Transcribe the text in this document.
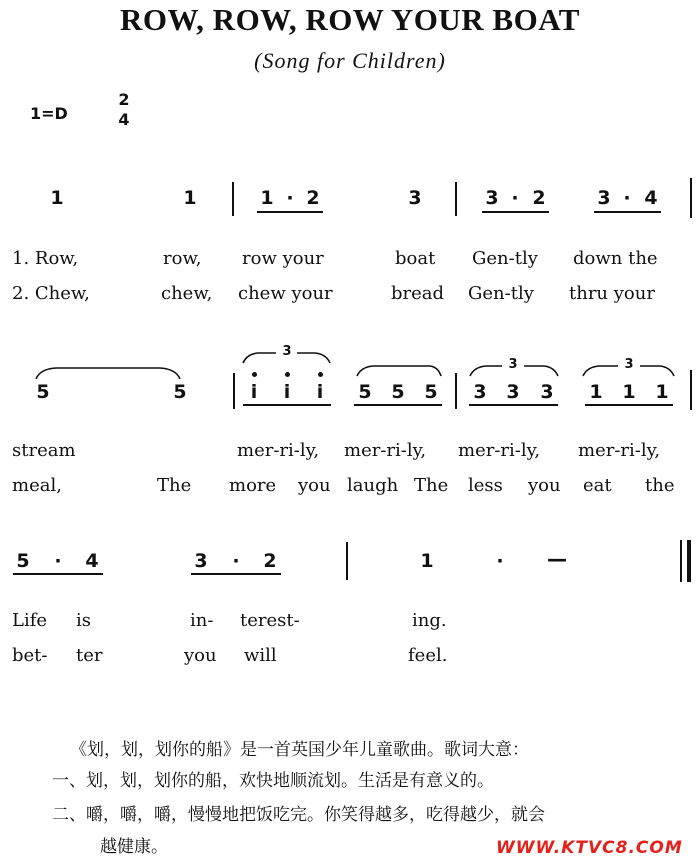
ROW, ROW, ROW YOUR BOAT
(Song for Children)
1=D
2
4
1	1	1 · 2	3	3 · 2	3 · 4
1. Row,	row, row your	boat Gen-tly down the
2. Chew,	chew, chew your	bread Gen-tly thru your
3
3	3
5	5	i i i 5 5 5 3 3 3 1 1 1
stream	mer-ri-ly, mer-ri-ly, mer-ri-ly, mer-ri-ly,
meal,	The more you laugh The less you eat the
5 · 4	3 · 2	1	· —
Life is	in- terest-	ing.
bet- ter	you will	feel.
《划，划，划你的船》是一首英国少年儿童歌曲。歌词大意：
一、划，划，划你的船，欢快地顺流划。生活是有意义的。
二、嚼，嚼，嚼，慢慢地把饭吃完。你笑得越多，吃得越少，就会
越健康。	WWW.KTVC8.COM
